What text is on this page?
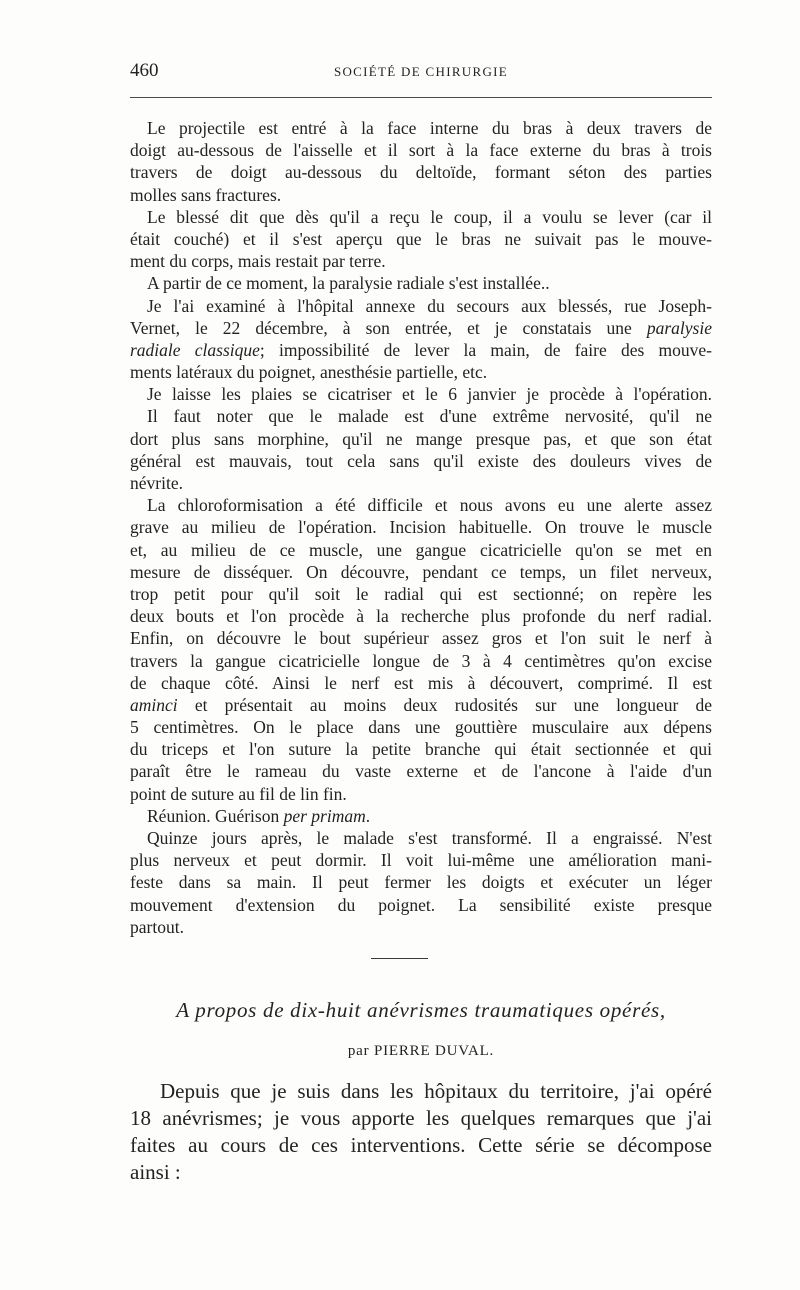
460	SOCIÉTÉ DE CHIRURGIE
Le projectile est entré à la face interne du bras à deux travers de
doigt au-dessous de l'aisselle et il sort à la face externe du bras à trois
travers de doigt au-dessous du deltoïde, formant séton des parties
molles sans fractures.
Le blessé dit que dès qu'il a reçu le coup, il a voulu se lever (car il
était couché) et il s'est aperçu que le bras ne suivait pas le mouve-
ment du corps, mais restait par terre.
A partir de ce moment, la paralysie radiale s'est installée..
Je l'ai examiné à l'hôpital annexe du secours aux blessés, rue Joseph-
Vernet, le 22 décembre, à son entrée, et je constatais une paralysie
radiale classique; impossibilité de lever la main, de faire des mouve-
ments latéraux du poignet, anesthésie partielle, etc.
Je laisse les plaies se cicatriser et le 6 janvier je procède à l'opération.
Il faut noter que le malade est d'une extrême nervosité, qu'il ne
dort plus sans morphine, qu'il ne mange presque pas, et que son état
général est mauvais, tout cela sans qu'il existe des douleurs vives de
névrite.
La chloroformisation a été difficile et nous avons eu une alerte assez
grave au milieu de l'opération. Incision habituelle. On trouve le muscle
et, au milieu de ce muscle, une gangue cicatricielle qu'on se met en
mesure de disséquer. On découvre, pendant ce temps, un filet nerveux,
trop petit pour qu'il soit le radial qui est sectionné; on repère les
deux bouts et l'on procède à la recherche plus profonde du nerf radial.
Enfin, on découvre le bout supérieur assez gros et l'on suit le nerf à
travers la gangue cicatricielle longue de 3 à 4 centimètres qu'on excise
de chaque côté. Ainsi le nerf est mis à découvert, comprimé. Il est
aminci et présentait au moins deux rudosités sur une longueur de
5 centimètres. On le place dans une gouttière musculaire aux dépens
du triceps et l'on suture la petite branche qui était sectionnée et qui
paraît être le rameau du vaste externe et de l'ancone à l'aide d'un
point de suture au fil de lin fin.
Réunion. Guérison per primam.
Quinze jours après, le malade s'est transformé. Il a engraissé. N'est
plus nerveux et peut dormir. Il voit lui-même une amélioration mani-
feste dans sa main. Il peut fermer les doigts et exécuter un léger
mouvement d'extension du poignet. La sensibilité existe presque
partout.
A propos de dix-huit anévrismes traumatiques opérés,
par PIERRE DUVAL.
Depuis que je suis dans les hôpitaux du territoire, j'ai opéré
18 anévrismes; je vous apporte les quelques remarques que j'ai
faites au cours de ces interventions. Cette série se décompose
ainsi :
